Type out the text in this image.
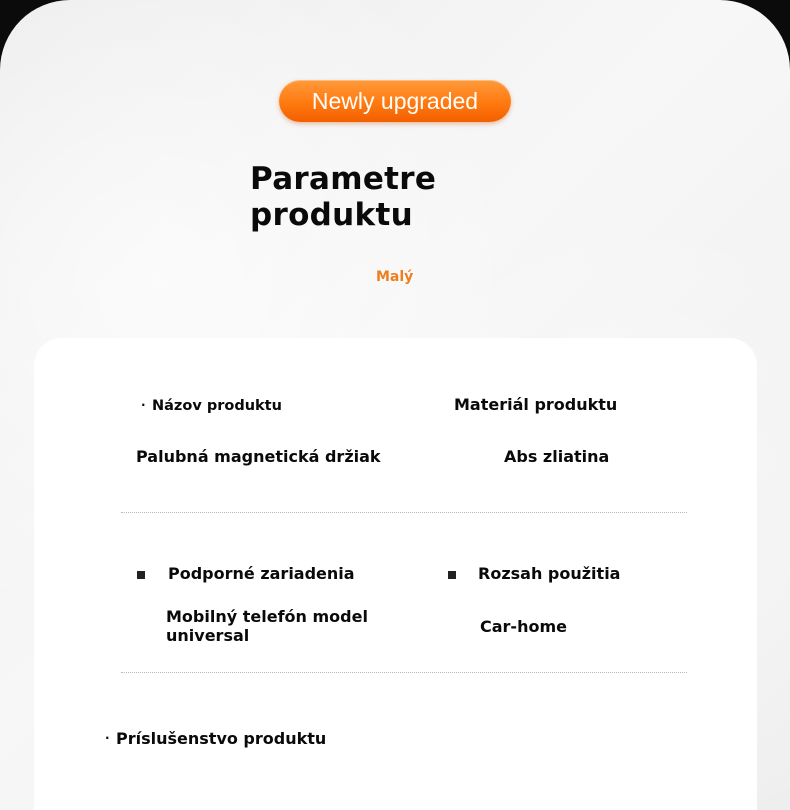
Newly upgraded
Parametre
produktu
Malý
· Názov produktu	Materiál produktu
Palubná magnetická držiak	Abs zliatina
Podporné zariadenia	Rozsah použitia
Mobilný telefón model universal	Car-home
· Príslušenstvo produktu
